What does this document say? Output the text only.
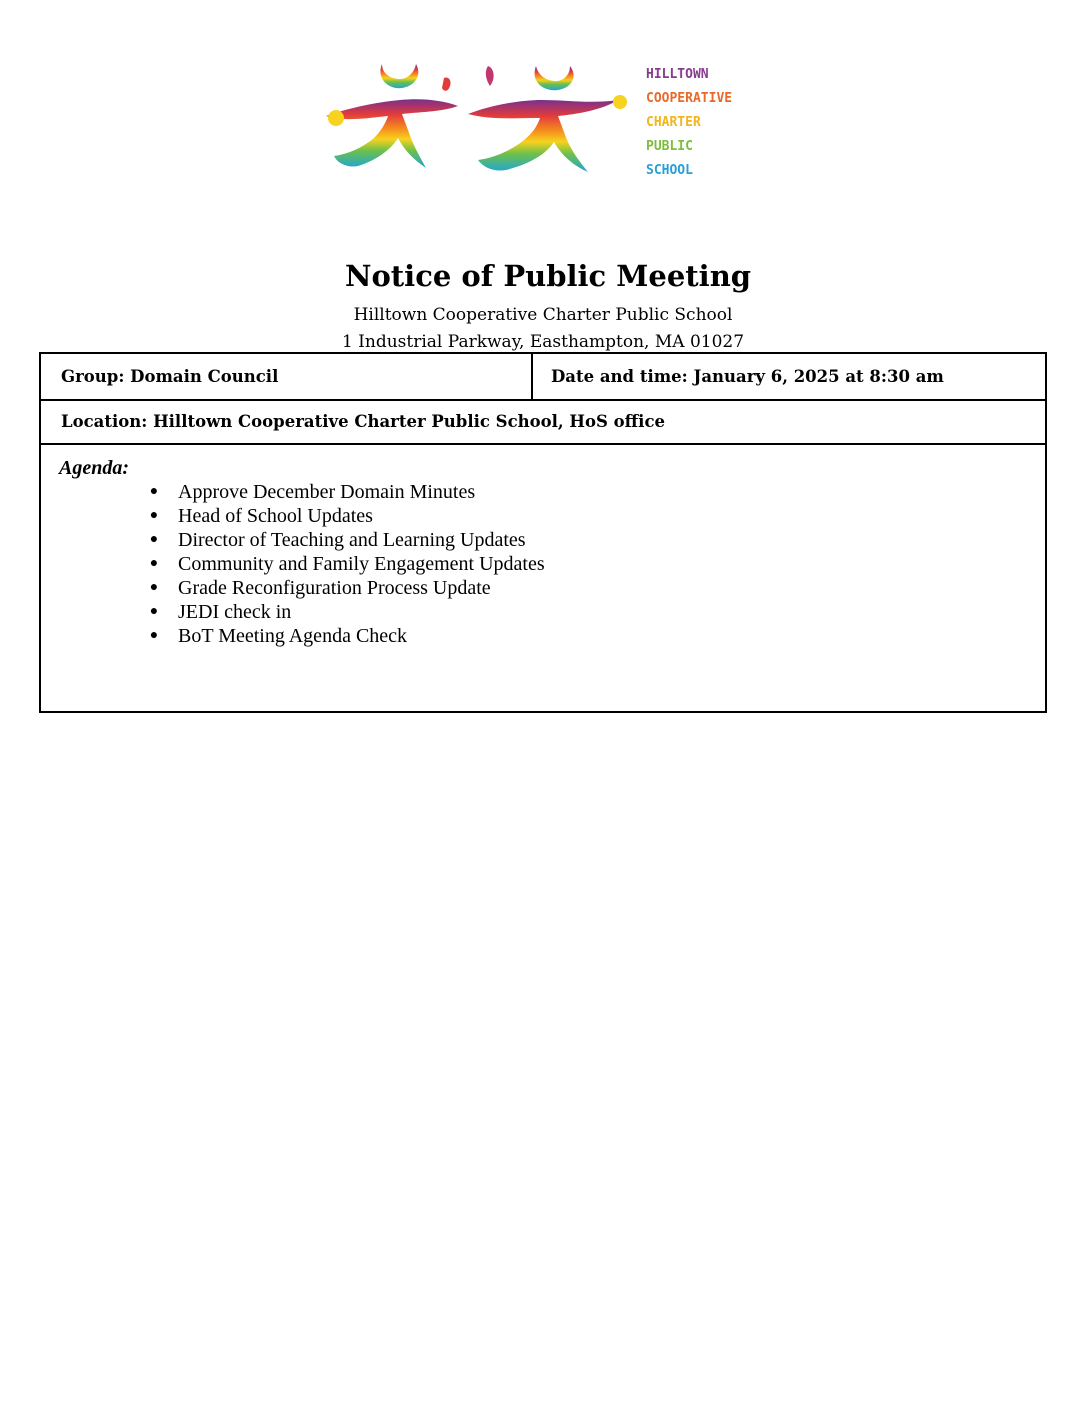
HILLTOWN
COOPERATIVE
CHARTER
PUBLIC
SCHOOL
Notice of Public Meeting
Hilltown Cooperative Charter Public School
1 Industrial Parkway, Easthampton, MA 01027
Group: Domain Council	Date and time: January 6, 2025 at 8:30 am
Location: Hilltown Cooperative Charter Public School, HoS office
Agenda:
● Approve December Domain Minutes
● Head of School Updates
● Director of Teaching and Learning Updates
● Community and Family Engagement Updates
● Grade Reconfiguration Process Update
● JEDI check in
● BoT Meeting Agenda Check
